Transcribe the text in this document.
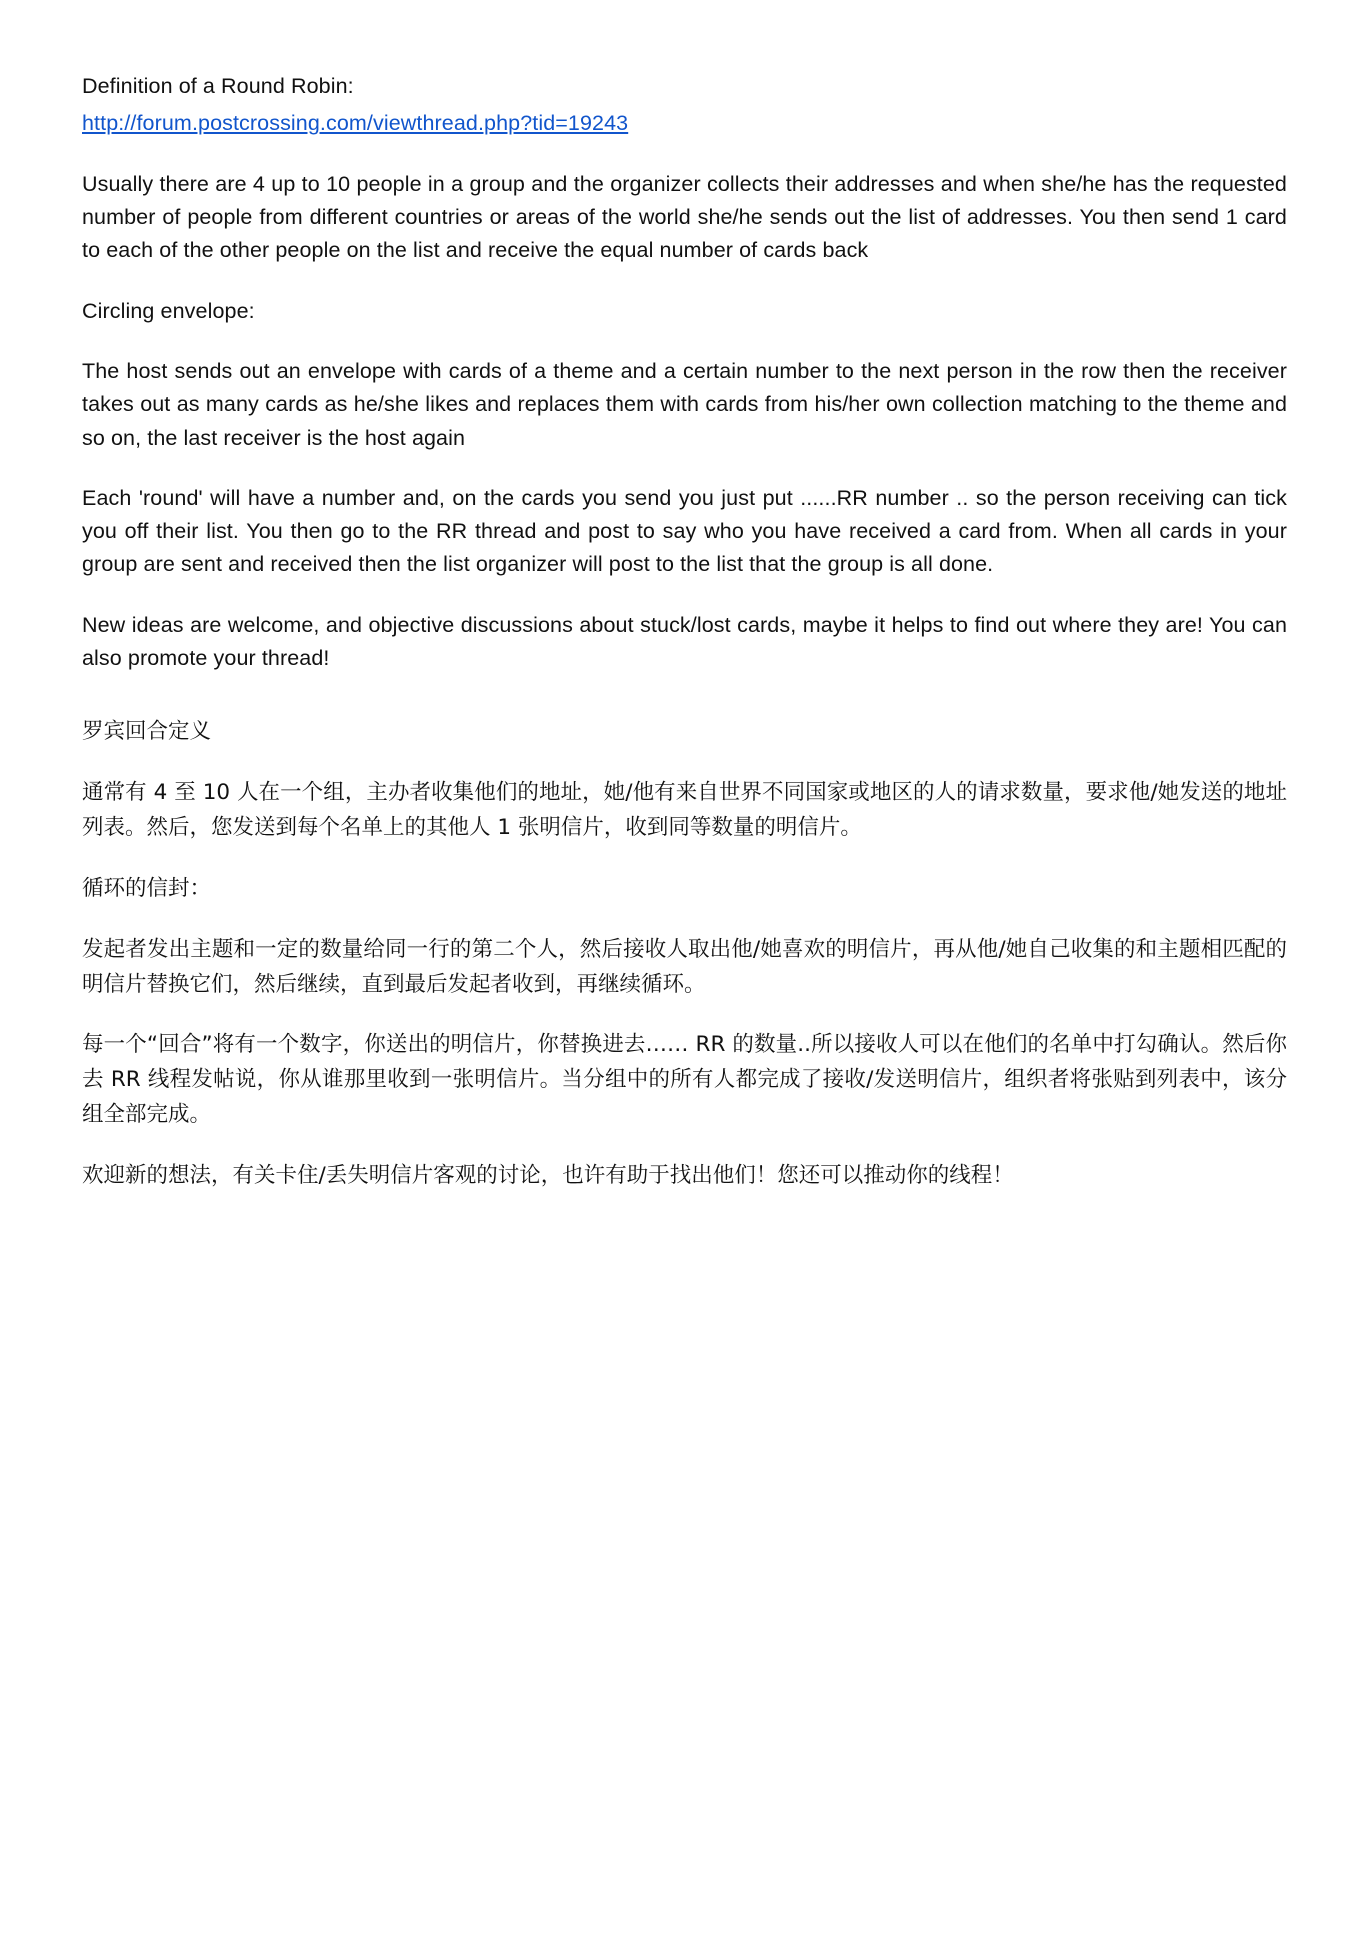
Definition of a Round Robin:

http://forum.postcrossing.com/viewthread.php?tid=19243

Usually there are 4 up to 10 people in a group and the organizer collects their addresses and when she/he has the requested number of people from different countries or areas of the world she/he sends out the list of addresses. You then send 1 card to each of the other people on the list and receive the equal number of cards back

Circling envelope:

The host sends out an envelope with cards of a theme and a certain number to the next person in the row then the receiver takes out as many cards as he/she likes and replaces them with cards from his/her own collection matching to the theme and so on, the last receiver is the host again

Each 'round' will have a number and, on the cards you send you just put ......RR number .. so the person receiving can tick you off their list. You then go to the RR thread and post to say who you have received a card from. When all cards in your group are sent and received then the list organizer will post to the list that the group is all done.

New ideas are welcome, and objective discussions about stuck/lost cards, maybe it helps to find out where they are! You can also promote your thread!

罗宾回合定义

通常有 4 至 10 人在一个组，主办者收集他们的地址，她/他有来自世界不同国家或地区的人的请求数量，要求他/她发送的地址列表。然后，您发送到每个名单上的其他人 1 张明信片，收到同等数量的明信片。

循环的信封：

发起者发出主题和一定的数量给同一行的第二个人，然后接收人取出他/她喜欢的明信片，再从他/她自己收集的和主题相匹配的明信片替换它们，然后继续，直到最后发起者收到，再继续循环。

每一个“回合”将有一个数字，你送出的明信片，你替换进去…… RR 的数量..所以接收人可以在他们的名单中打勾确认。然后你去 RR 线程发帖说，你从谁那里收到一张明信片。当分组中的所有人都完成了接收/发送明信片，组织者将张贴到列表中，该分组全部完成。

欢迎新的想法，有关卡住/丢失明信片客观的讨论，也许有助于找出他们！您还可以推动你的线程！
